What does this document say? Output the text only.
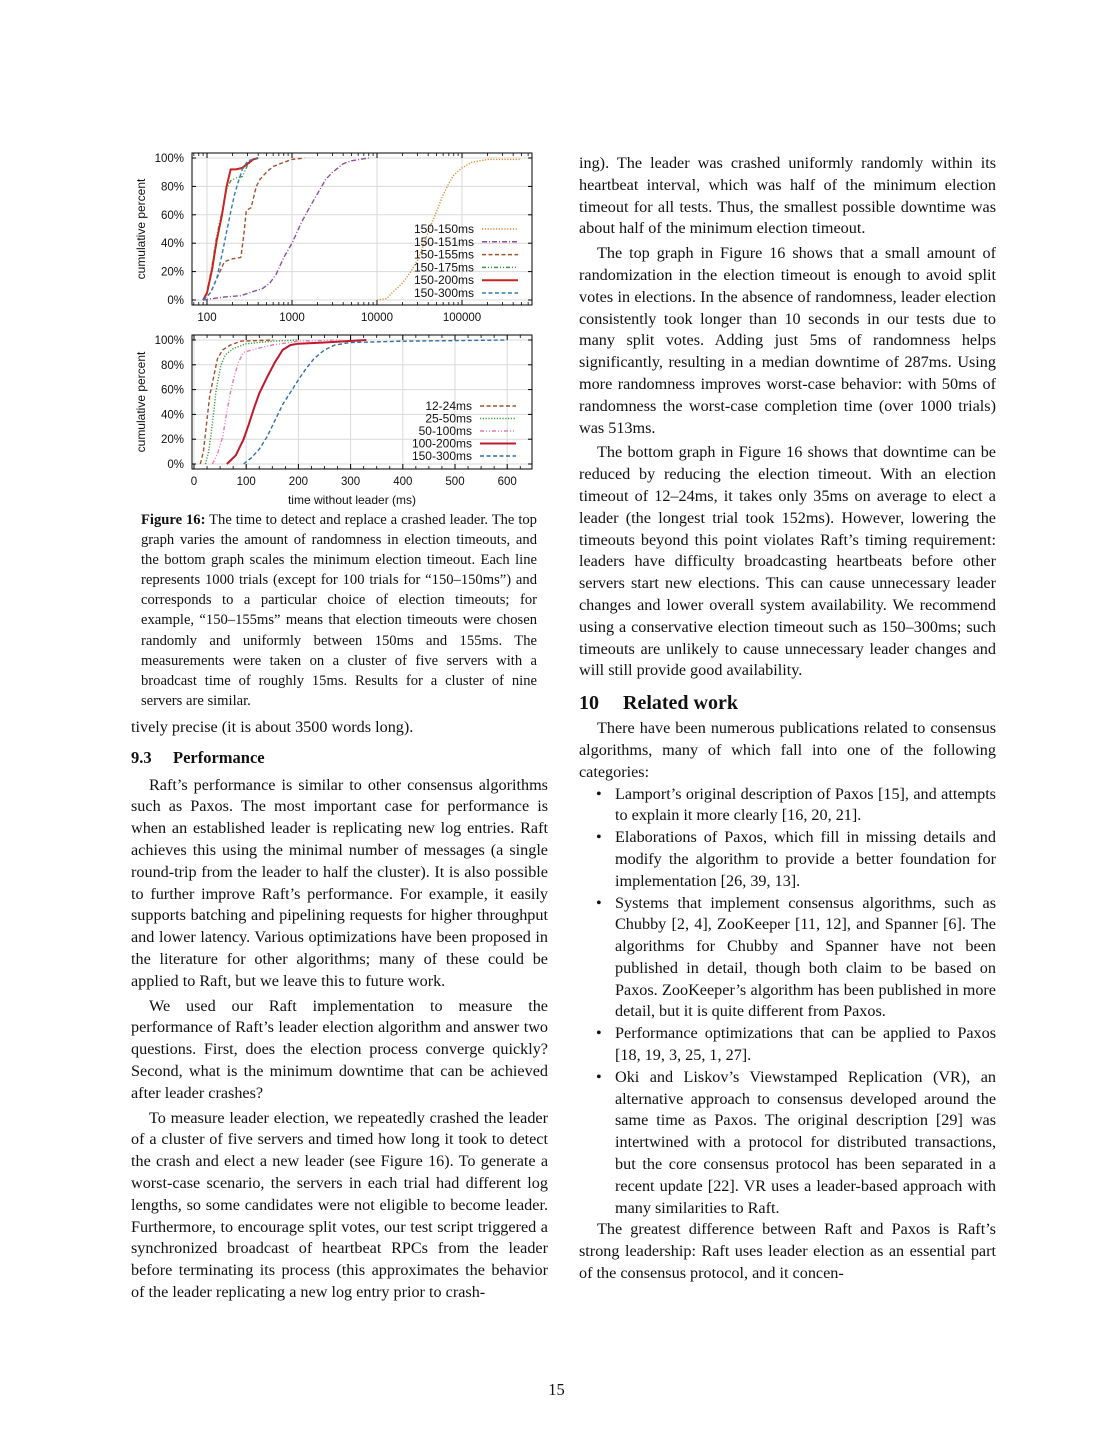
0%
20%
40%
60%
80%
100%
100	1000	10000	100000
cumulative percent	150-150ms
150-151ms
150-155ms
150-175ms
150-200ms
150-300ms
0%
20%
40%
60%
80%
100%
0	100	200	300	400	500	600
cumulative percent
time without leader (ms)
12-24ms
25-50ms
50-100ms
100-200ms
150-300ms
Figure 16: The time to detect and replace a crashed leader. The top graph varies the amount of randomness in election timeouts, and the bottom graph scales the minimum election timeout. Each line represents 1000 trials (except for 100 trials for “150–150ms”) and corresponds to a particular choice of election timeouts; for example, “150–155ms” means that election timeouts were chosen randomly and uniformly between 150ms and 155ms. The measurements were taken on a cluster of five servers with a broadcast time of roughly 15ms. Results for a cluster of nine servers are similar.

tively precise (it is about 3500 words long).

9.3 Performance

Raft’s performance is similar to other consensus algorithms such as Paxos. The most important case for performance is when an established leader is replicating new log entries. Raft achieves this using the minimal number of messages (a single round-trip from the leader to half the cluster). It is also possible to further improve Raft’s performance. For example, it easily supports batching and pipelining requests for higher throughput and lower latency. Various optimizations have been proposed in the literature for other algorithms; many of these could be applied to Raft, but we leave this to future work.

We used our Raft implementation to measure the performance of Raft’s leader election algorithm and answer two questions. First, does the election process converge quickly? Second, what is the minimum downtime that can be achieved after leader crashes?

To measure leader election, we repeatedly crashed the leader of a cluster of five servers and timed how long it took to detect the crash and elect a new leader (see Figure 16). To generate a worst-case scenario, the servers in each trial had different log lengths, so some candidates were not eligible to become leader. Furthermore, to encourage split votes, our test script triggered a synchronized broadcast of heartbeat RPCs from the leader before terminating its process (this approximates the behavior of the leader replicating a new log entry prior to crash-

ing). The leader was crashed uniformly randomly within its heartbeat interval, which was half of the minimum election timeout for all tests. Thus, the smallest possible downtime was about half of the minimum election timeout.

The top graph in Figure 16 shows that a small amount of randomization in the election timeout is enough to avoid split votes in elections. In the absence of randomness, leader election consistently took longer than 10 seconds in our tests due to many split votes. Adding just 5ms of randomness helps significantly, resulting in a median downtime of 287ms. Using more randomness improves worst-case behavior: with 50ms of randomness the worst-case completion time (over 1000 trials) was 513ms.

The bottom graph in Figure 16 shows that downtime can be reduced by reducing the election timeout. With an election timeout of 12–24ms, it takes only 35ms on average to elect a leader (the longest trial took 152ms). However, lowering the timeouts beyond this point violates Raft’s timing requirement: leaders have difficulty broadcasting heartbeats before other servers start new elections. This can cause unnecessary leader changes and lower overall system availability. We recommend using a conservative election timeout such as 150–300ms; such timeouts are unlikely to cause unnecessary leader changes and will still provide good availability.

10 Related work

There have been numerous publications related to consensus algorithms, many of which fall into one of the following categories:

• Lamport’s original description of Paxos [15], and attempts to explain it more clearly [16, 20, 21].
• Elaborations of Paxos, which fill in missing details and modify the algorithm to provide a better foundation for implementation [26, 39, 13].
• Systems that implement consensus algorithms, such as Chubby [2, 4], ZooKeeper [11, 12], and Spanner [6]. The algorithms for Chubby and Spanner have not been published in detail, though both claim to be based on Paxos. ZooKeeper’s algorithm has been published in more detail, but it is quite different from Paxos.
• Performance optimizations that can be applied to Paxos [18, 19, 3, 25, 1, 27].
• Oki and Liskov’s Viewstamped Replication (VR), an alternative approach to consensus developed around the same time as Paxos. The original description [29] was intertwined with a protocol for distributed transactions, but the core consensus protocol has been separated in a recent update [22]. VR uses a leader-based approach with many similarities to Raft.

The greatest difference between Raft and Paxos is Raft’s strong leadership: Raft uses leader election as an essential part of the consensus protocol, and it concen-

15
